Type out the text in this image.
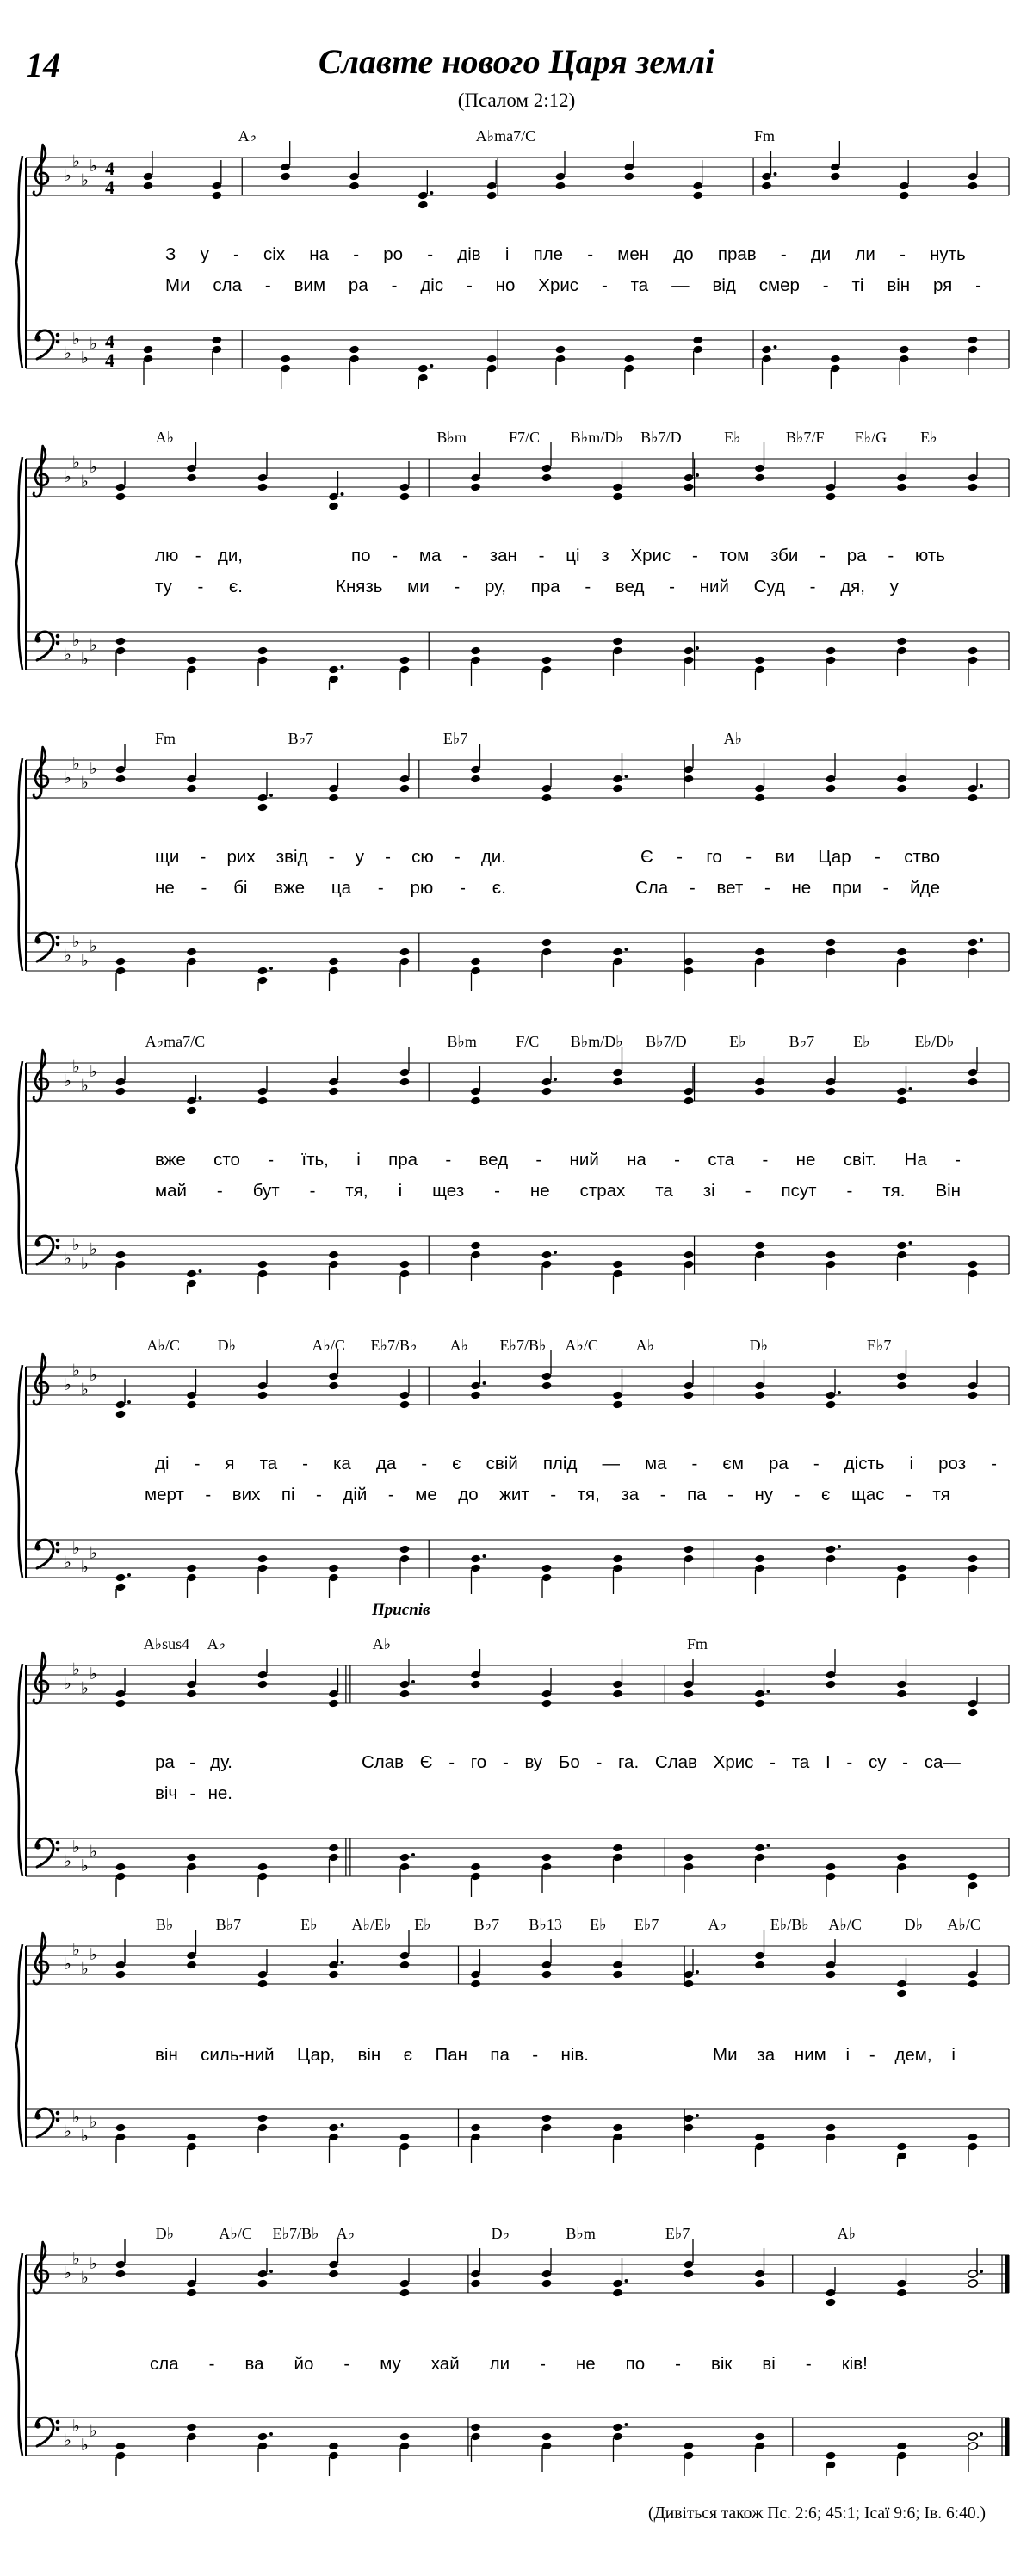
14	Славте нового Царя землі
(Псалом 2:12)
A♭	A♭ma7/C	Fm
♭
♭
♭
♭ 4
4
З у - сіх на - ро - дів і пле - мен до прав - ди ли - нуть
Ми сла - вим ра - діс - но Хрис - та — від смер - ті він ря -
♭
♭
♭
♭ 4
4
A♭	B♭m	F7/C B♭m/D♭ B♭7/D	E♭	B♭7/F E♭/G E♭
♭
♭
♭
♭
лю - ди,	по - ма - зан - ці з Хрис - том зби - ра - ють
ту - є.	Князь ми - ру, пра - вед - ний Суд - дя, у
♭
♭
♭
♭
Fm	B♭7	E♭7	A♭
♭
♭
♭
♭
щи - рих звід - у - сю - ди.	Є - го - ви Цар - ство
не - бі вже ца - рю - є.	Сла - вет - не при - йде
♭
♭
♭
♭
A♭ma7/C	B♭m	F/C B♭m/D♭ B♭7/D	E♭	B♭7	E♭	E♭/D♭
♭
♭
♭
♭
вже сто - їть, і пра - вед - ний на - ста - не світ. На -
май - бут - тя, і щез - не страх та зі - псут - тя. Він
♭
♭
♭
♭
A♭/C D♭	A♭/C E♭7/B♭ A♭ E♭7/B♭ A♭/C A♭	D♭	E♭7
♭
♭
♭
♭
ді - я та - ка да - є свій плід — ма - єм ра - дість і роз -
мерт - вих пі - дій - ме до жит - тя, за - па - ну - є щас - тя
♭
♭
♭
♭
Приспів
A♭sus4 A♭	A♭	Fm
♭
♭
♭
♭
ра - ду.	Слав Є - го - ву Бо - га. Слав Хрис - та І - су - са—
віч - не.
♭
♭
♭
♭
B♭	B♭7	E♭ A♭/E♭ E♭	B♭7 B♭13 E♭ E♭7	A♭	E♭/B♭ A♭/C	D♭ A♭/C
♭
♭
♭
♭
він силь-ний Цар, він є Пан па - нів.	Ми за ним і - дем, і
♭
♭
♭
♭
D♭	A♭/C E♭7/B♭ A♭	D♭	B♭m	E♭7	A♭
♭
♭
♭
♭
сла - ва йо - му хай ли - не по - вік ві - ків!
♭
♭
♭
♭
(Дивіться також Пс. 2:6; 45:1; Ісаї 9:6; Ів. 6:40.)
